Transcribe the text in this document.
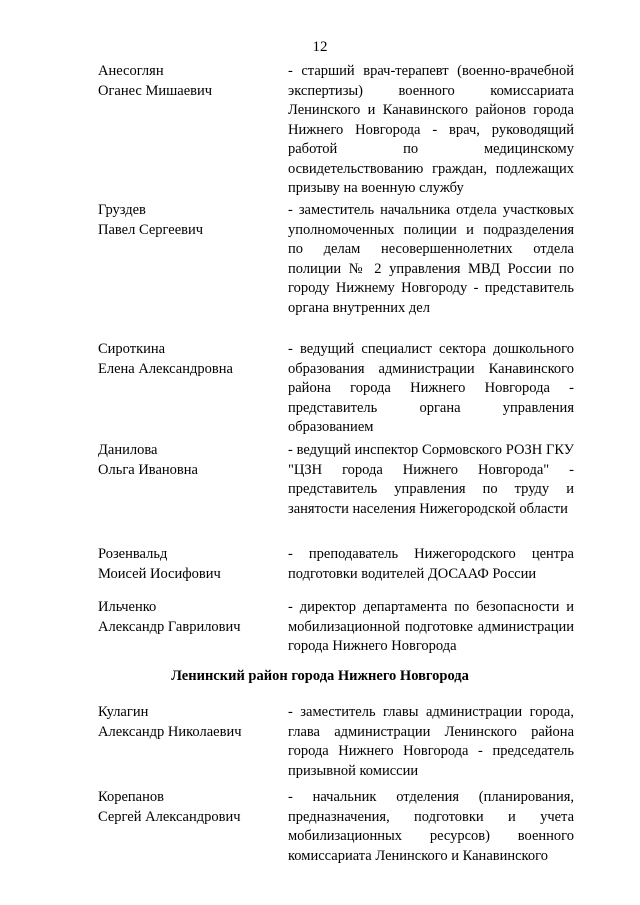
12
Анесоглян
Оганес Мишаевич
- старший врач-терапевт (военно-врачебной экспертизы) военного комиссариата Ленинского и Канавинского районов города Нижнего Новгорода - врач, руководящий работой по медицинскому освидетельствованию граждан, подлежащих призыву на военную службу
Груздев
Павел Сергеевич
- заместитель начальника отдела участковых уполномоченных полиции и подразделения по делам несовершеннолетних отдела полиции № 2 управления МВД России по городу Нижнему Новгороду - представитель органа внутренних дел
Сироткина
Елена Александровна
- ведущий специалист сектора дошкольного образования администрации Канавинского района города Нижнего Новгорода - представитель органа управления образованием
Данилова
Ольга Ивановна
- ведущий инспектор Сормовского РОЗН ГКУ "ЦЗН города Нижнего Новгорода" - представитель управления по труду и занятости населения Нижегородской области
Розенвальд
Моисей Иосифович
- преподаватель Нижегородского центра подготовки водителей ДОСААФ России
Ильченко
Александр Гаврилович
- директор департамента по безопасности и мобилизационной подготовке администрации города Нижнего Новгорода
Ленинский район города Нижнего Новгорода
Кулагин
Александр Николаевич
- заместитель главы администрации города, глава администрации Ленинского района города Нижнего Новгорода - председатель призывной комиссии
Корепанов
Сергей Александрович
- начальник отделения (планирования, предназначения, подготовки и учета мобилизационных ресурсов) военного комиссариата Ленинского и Канавинского
